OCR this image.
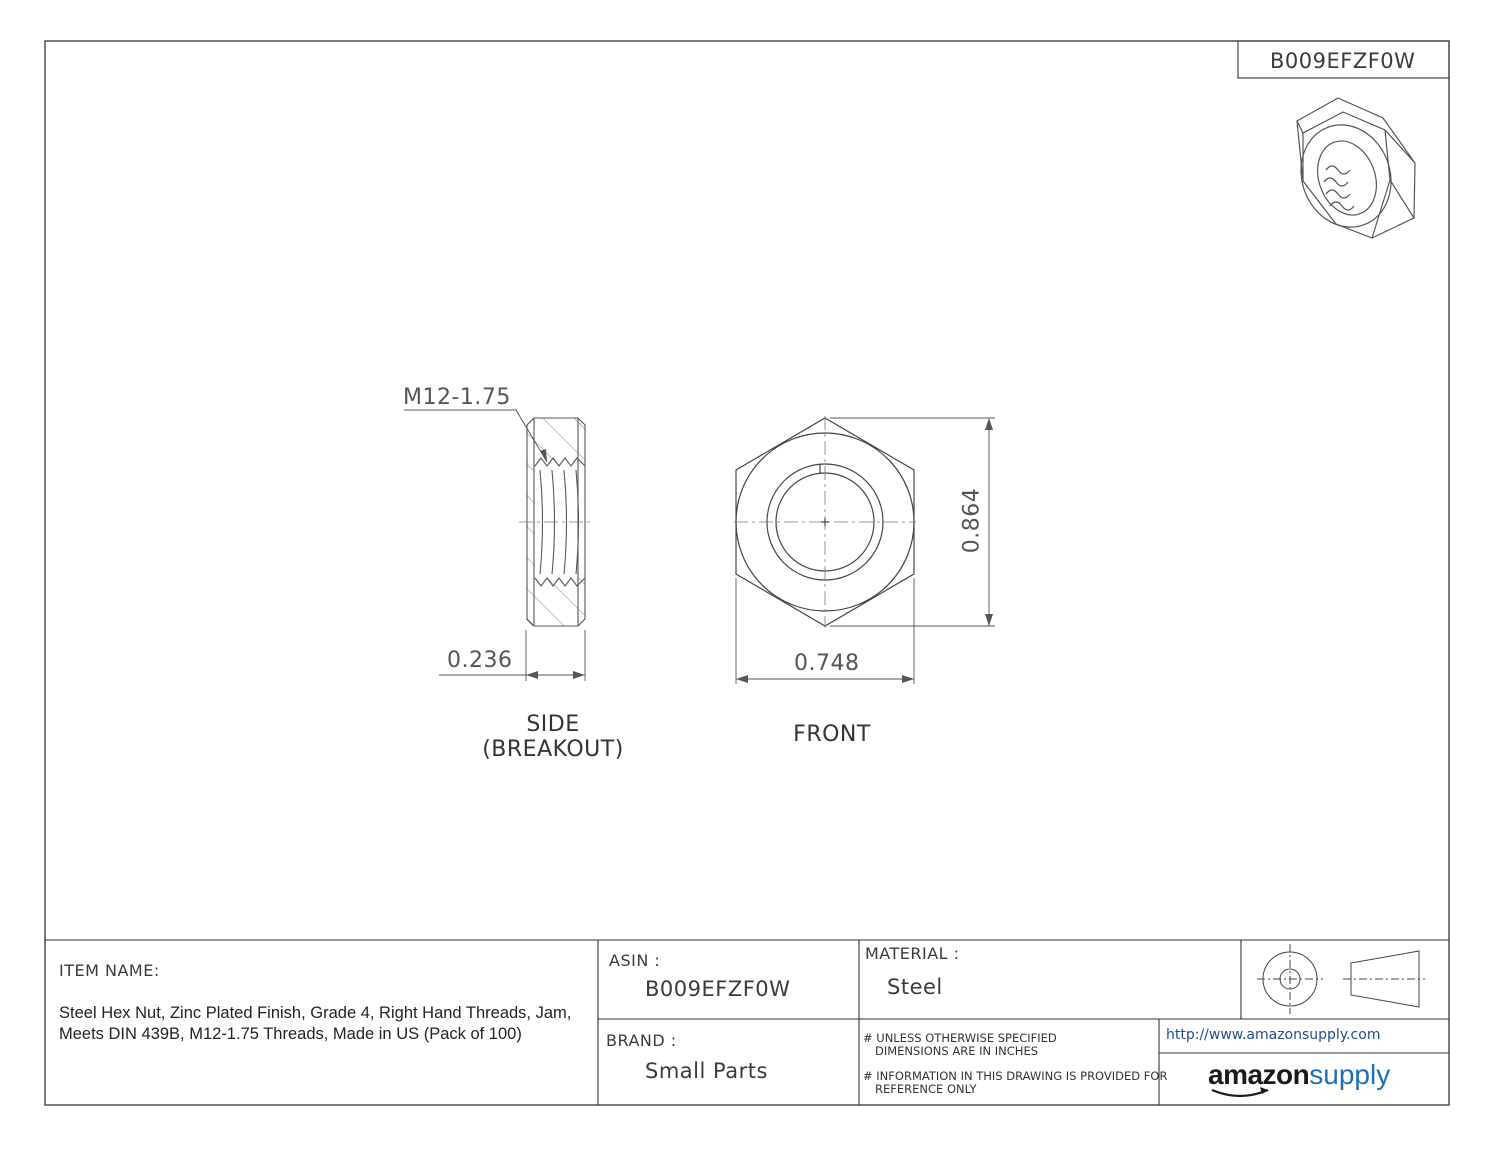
B009EFZF0W
M12-1.75
0.236	0.748
0.864
SIDE
(BREAKOUT)
FRONT
ITEM NAME:
Steel Hex Nut, Zinc Plated Finish, Grade 4, Right Hand Threads, Jam, Meets DIN 439B, M12-1.75 Threads, Made in US (Pack of 100)
ASIN :
B009EFZF0W
MATERIAL :
Steel
BRAND :
Small Parts
# UNLESS OTHERWISE SPECIFIED
DIMENSIONS ARE IN INCHES
# INFORMATION IN THIS DRAWING IS PROVIDED FOR
REFERENCE ONLY
http://www.amazonsupply.com
amazonsupply
